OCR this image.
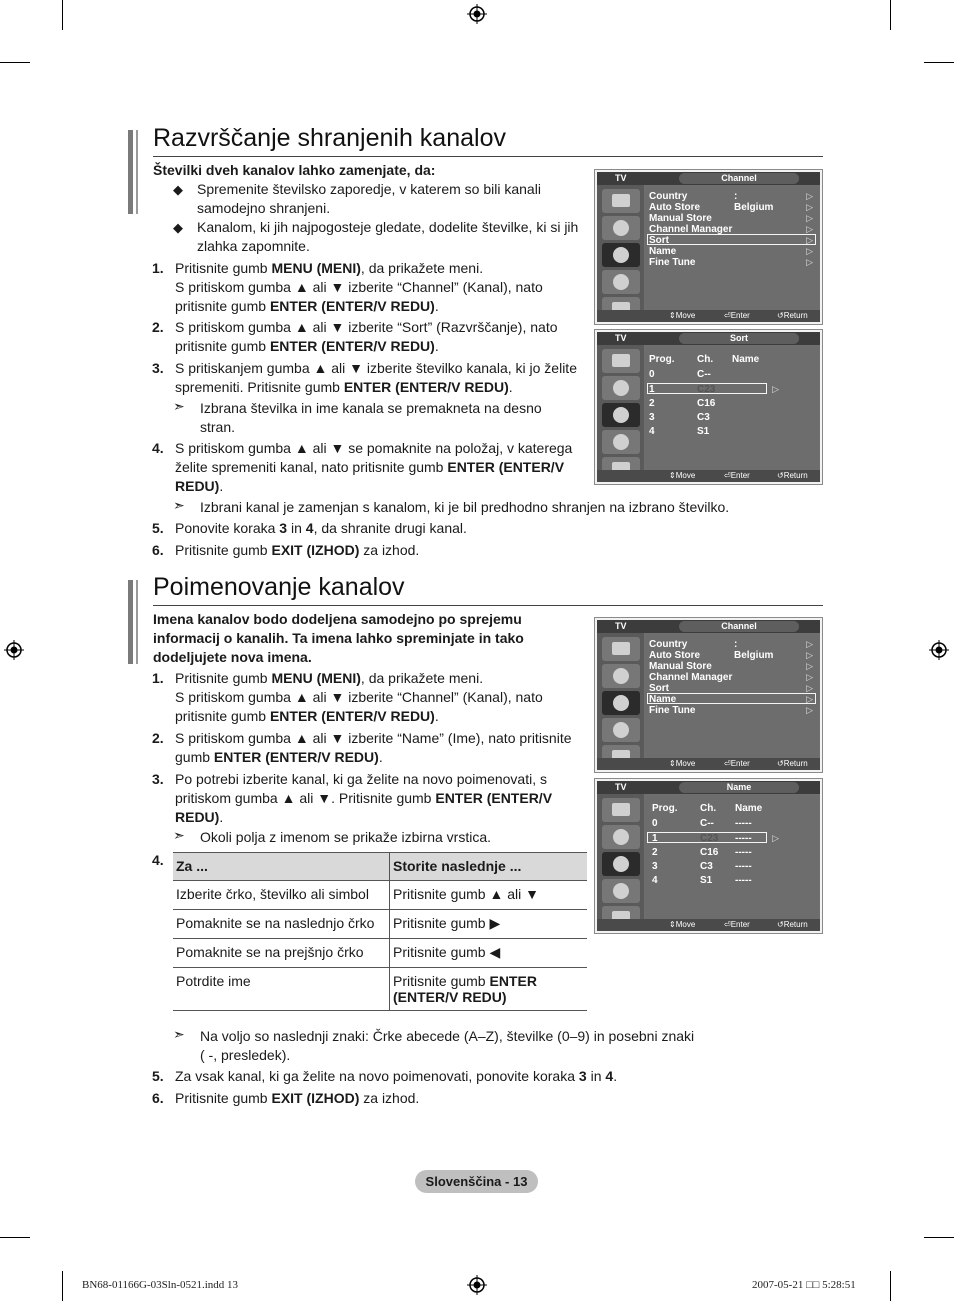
Razvrščanje shranjenih kanalov
Številki dveh kanalov lahko zamenjate, da:
◆ Spremenite številsko zaporedje, v katerem so bili kanali samodejno shranjeni.
◆ Kanalom, ki jih najpogosteje gledate, dodelite številke, ki si jih zlahka zapomnite.
1. Pritisnite gumb MENU (MENI), da prikažete meni.
S pritiskom gumba ▲ ali ▼ izberite “Channel” (Kanal), nato
pritisnite gumb ENTER (ENTER/V REDU).
2. S pritiskom gumba ▲ ali ▼ izberite “Sort” (Razvrščanje), nato
pritisnite gumb ENTER (ENTER/V REDU).
3. S pritiskanjem gumba ▲ ali ▼ izberite številko kanala, ki jo želite
spremeniti. Pritisnite gumb ENTER (ENTER/V REDU).
➣ Izbrana številka in ime kanala se premakneta na desno stran.
4. S pritiskom gumba ▲ ali ▼ se pomaknite na položaj, v katerega
želite spremeniti kanal, nato pritisnite gumb ENTER (ENTER/V
REDU).
➣ Izbrani kanal je zamenjan s kanalom, ki je bil predhodno shranjen na izbrano številko.
5. Ponovite koraka 3 in 4, da shranite drugi kanal.
6. Pritisnite gumb EXIT (IZHOD) za izhod.
TV	Channel
Country	: Belgium
Auto Store
Manual Store
Channel Manager
Sort
Name
Fine Tune
▷
▷
▷
▷
▷
▷
▷
⇕ Move	⏎ Enter	↺ Return
TV	Sort
Prog. Ch. Name
0	C--
1	C23	▷
2	C16
3	C3
4	S1
⇕ Move	⏎ Enter	↺ Return
Poimenovanje kanalov
Imena kanalov bodo dodeljena samodejno po sprejemu
informacij o kanalih. Ta imena lahko spreminjate in tako
dodeljujete nova imena.
1. Pritisnite gumb MENU (MENI), da prikažete meni.
S pritiskom gumba ▲ ali ▼ izberite “Channel” (Kanal), nato
pritisnite gumb ENTER (ENTER/V REDU).
2. S pritiskom gumba ▲ ali ▼ izberite “Name” (Ime), nato pritisnite
gumb ENTER (ENTER/V REDU).
3. Po potrebi izberite kanal, ki ga želite na novo poimenovati, s
pritiskom gumba ▲ ali ▼. Pritisnite gumb ENTER (ENTER/V
REDU).
➣ Okoli polja z imenom se prikaže izbirna vrstica.
4. Za ...	Storite naslednje ...
Izberite črko, številko ali simbol	Pritisnite gumb ▲ ali ▼
Pomaknite se na naslednjo črko	Pritisnite gumb ▶
Pomaknite se na prejšnjo črko	Pritisnite gumb ◀
Potrdite ime	Pritisnite gumb ENTER
(ENTER/V REDU)
➣ Na voljo so naslednji znaki: Črke abecede (A–Z), številke (0–9) in posebni znaki
( -, presledek).
5. Za vsak kanal, ki ga želite na novo poimenovati, ponovite koraka 3 in 4.
6. Pritisnite gumb EXIT (IZHOD) za izhod.
TV	Channel
Country	: Belgium
Auto Store
Manual Store
Channel Manager
Sort
Name
Fine Tune
▷
▷
▷
▷
▷
▷
▷
⇕ Move	⏎ Enter	↺ Return
TV	Name
Prog. Ch. Name
0	C-- -----
1	C23 ----- ▷
2	C16 -----
3	C3 -----
4	S1 -----
⇕ Move	⏎ Enter	↺ Return
Slovenščina - 13
BN68-01166G-03Sln-0521.indd 13	2007-05-21 □□ 5:28:51
